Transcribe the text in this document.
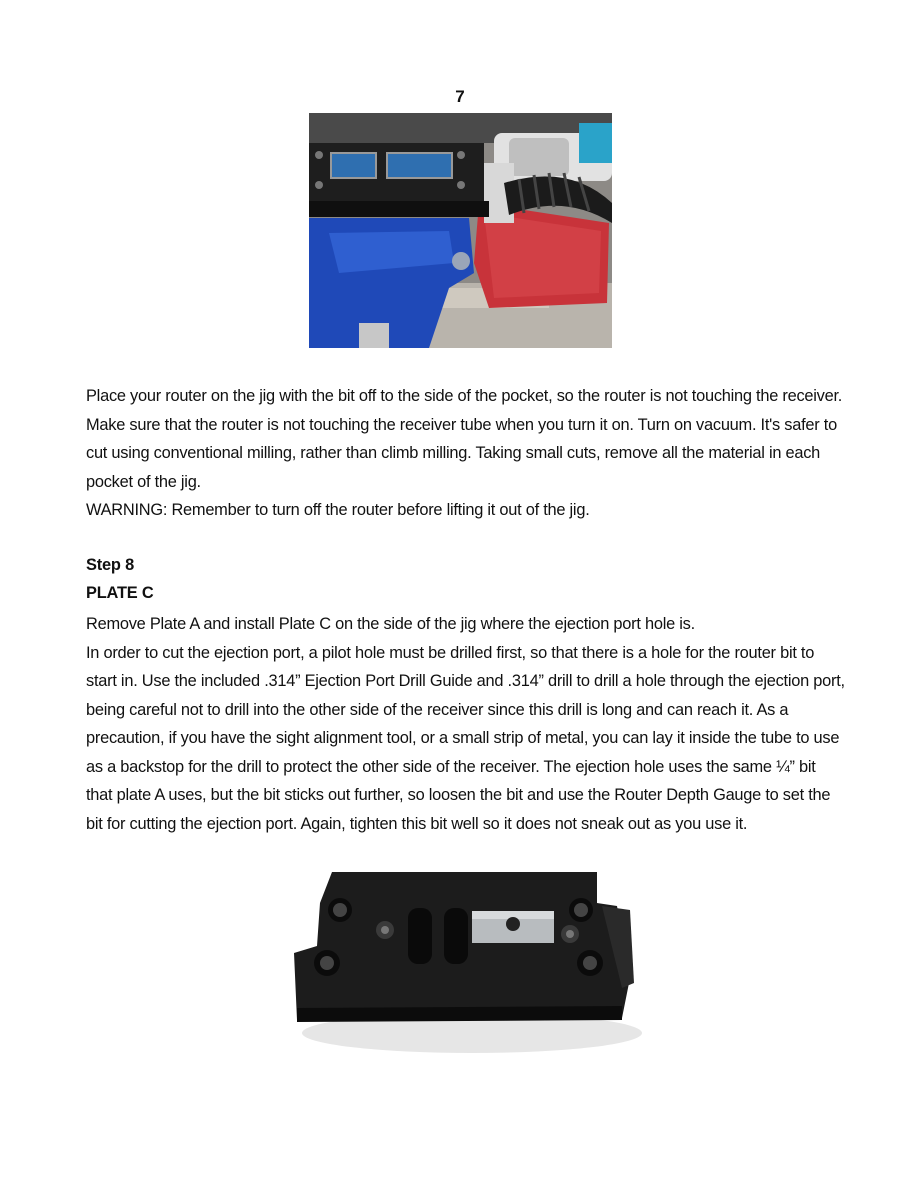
7

Place your router on the jig with the bit off to the side of the pocket, so the router is not touching the receiver. Make sure that the router is not touching the receiver tube when you turn it on. Turn on vacuum. It's safer to cut using conventional milling, rather than climb milling. Taking small cuts, remove all the material in each pocket of the jig.

WARNING: Remember to turn off the router before lifting it out of the jig.

Step 8
PLATE C

Remove Plate A and install Plate C on the side of the jig where the ejection port hole is.

In order to cut the ejection port, a pilot hole must be drilled first, so that there is a hole for the router bit to start in. Use the included .314” Ejection Port Drill Guide and .314” drill to drill a hole through the ejection port, being careful not to drill into the other side of the receiver since this drill is long and can reach it. As a precaution, if you have the sight alignment tool, or a small strip of metal, you can lay it inside the tube to use as a backstop for the drill to protect the other side of the receiver. The ejection hole uses the same ¼” bit that plate A uses, but the bit sticks out further, so loosen the bit and use the Router Depth Gauge to set the bit for cutting the ejection port. Again, tighten this bit well so it does not sneak out as you use it.
